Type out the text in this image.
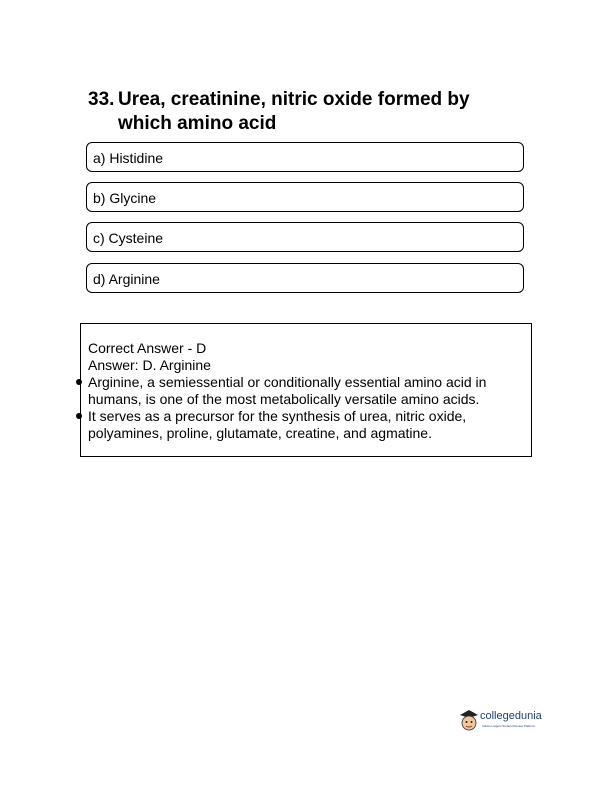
33. Urea, creatinine, nitric oxide formed by
which amino acid
a) Histidine
b) Glycine
c) Cysteine
d) Arginine
Correct Answer - D
Answer: D. Arginine
Arginine, a semiessential or conditionally essential amino acid in humans, is one of the most metabolically versatile amino acids.
It serves as a precursor for the synthesis of urea, nitric oxide, polyamines, proline, glutamate, creatine, and agmatine.
collegedunia
India's Largest Student Review Platform
